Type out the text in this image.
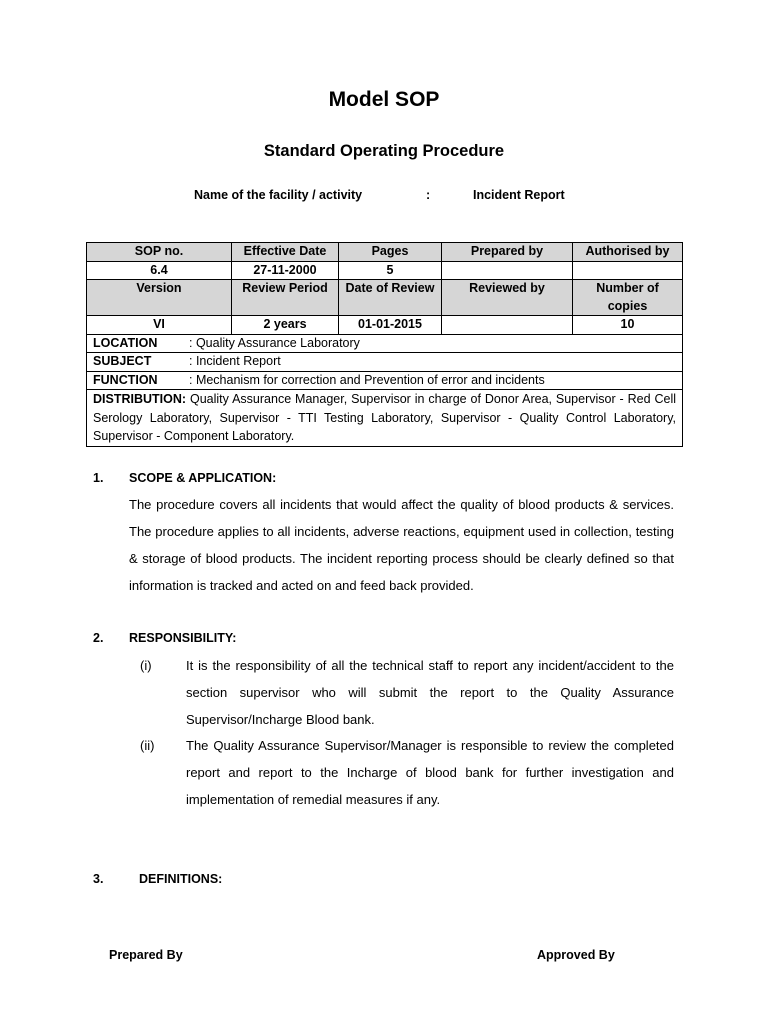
Model SOP
Standard Operating Procedure
Name of the facility / activity	:	Incident Report
SOP no.	Effective Date	Pages	Prepared by	Authorised by
6.4	27-11-2000	5		
Version	Review Period	Date of Review	Reviewed by	Number of copies
VI	2 years	01-01-2015		10
LOCATION : Quality Assurance Laboratory				
SUBJECT : Incident Report				
FUNCTION : Mechanism for correction and Prevention of error and incidents				
DISTRIBUTION: Quality Assurance Manager, Supervisor in charge of Donor Area, Supervisor - Red Cell Serology Laboratory, Supervisor - TTI Testing Laboratory, Supervisor - Quality Control Laboratory, Supervisor - Component Laboratory.				
1. SCOPE & APPLICATION:
The procedure covers all incidents that would affect the quality of blood products & services. The procedure applies to all incidents, adverse reactions, equipment used in collection, testing & storage of blood products. The incident reporting process should be clearly defined so that information is tracked and acted on and feed back provided.
2. RESPONSIBILITY:
(i)	It is the responsibility of all the technical staff to report any incident/accident to the section supervisor who will submit the report to the Quality Assurance Supervisor/Incharge Blood bank.
(ii) The Quality Assurance Supervisor/Manager is responsible to review the completed report and report to the Incharge of blood bank for further investigation and implementation of remedial measures if any.
3.	DEFINITIONS:
Prepared By	Approved By
